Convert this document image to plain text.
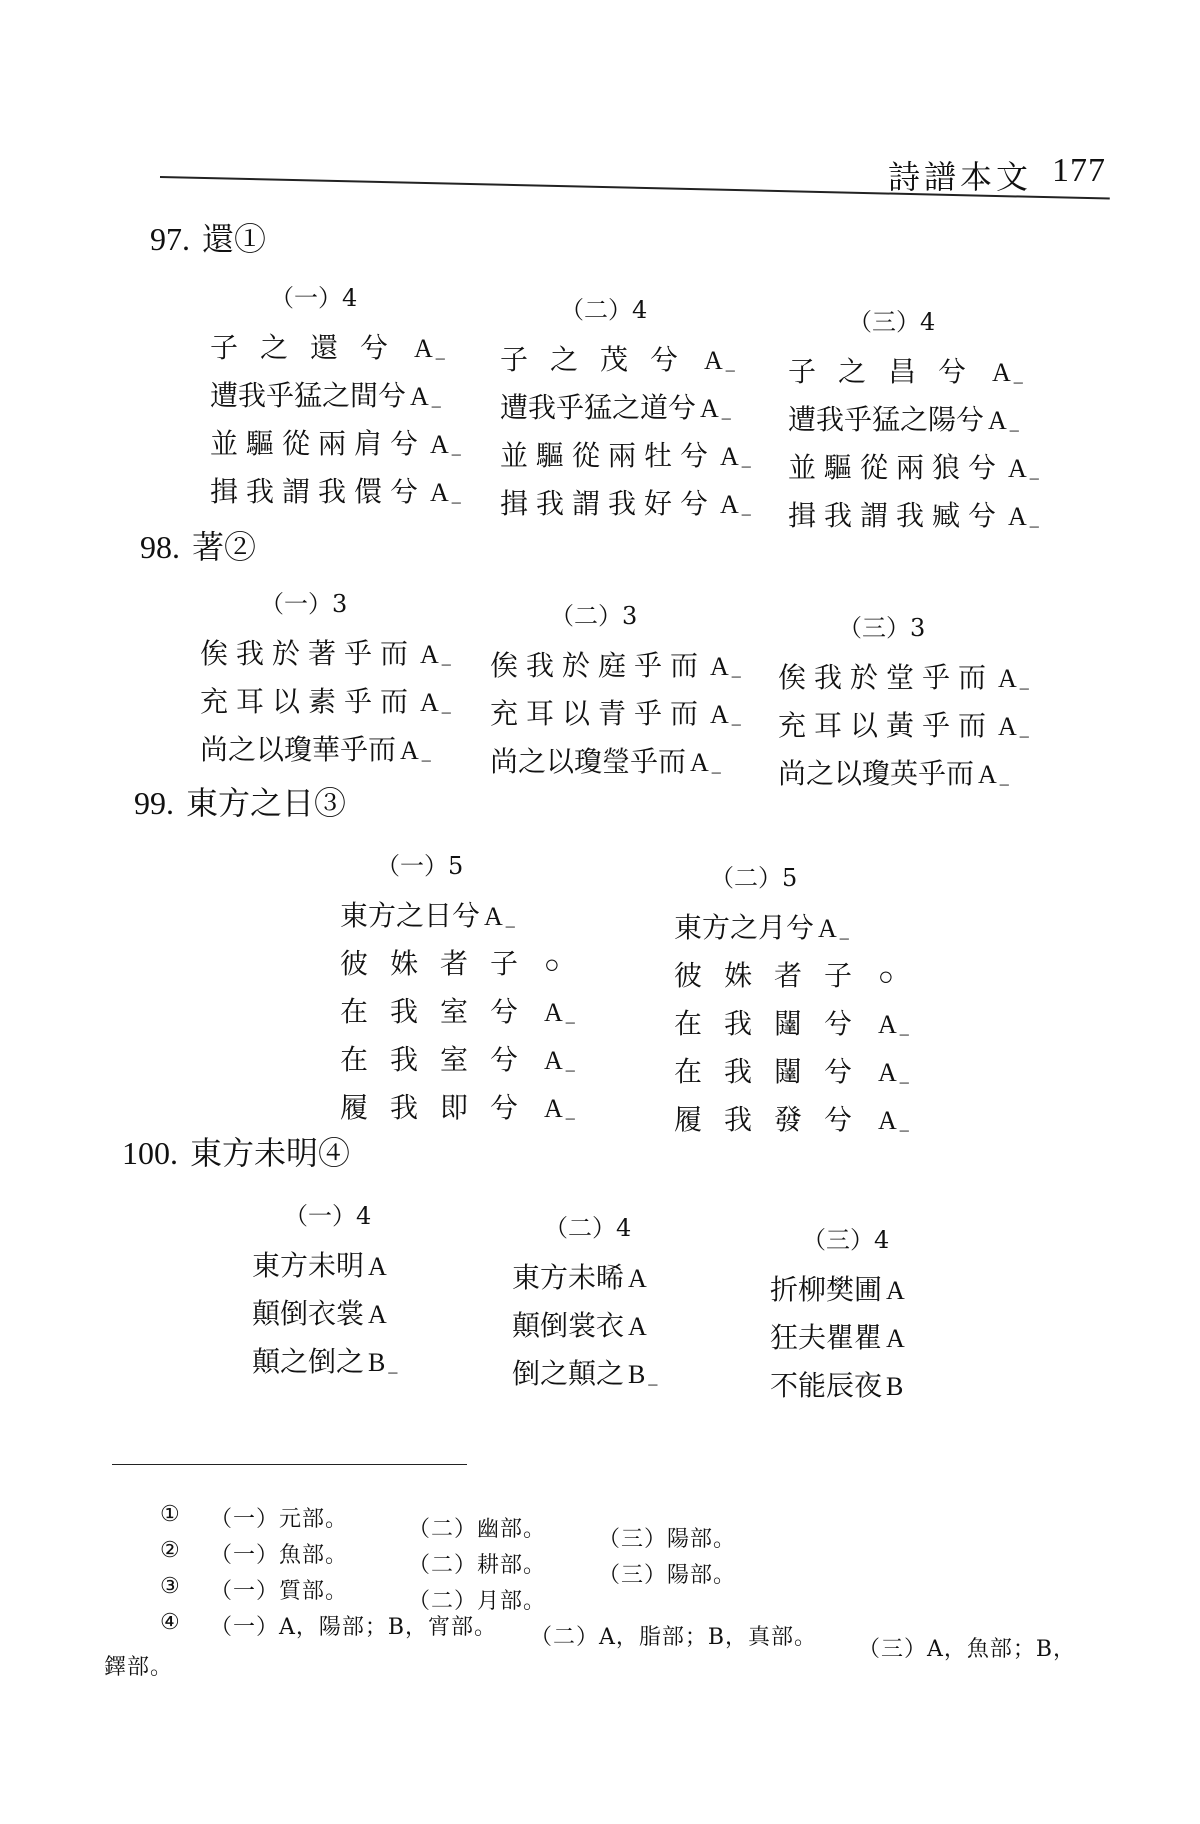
詩譜本文 177
97. 還①
（一）4
子之還兮 A _
遭我乎猛之間兮 A _
並驅從兩肩兮 A _
揖我謂我儇兮 A _
（二）4
子之茂兮 A _
遭我乎猛之道兮 A _
並驅從兩牡兮 A _
揖我謂我好兮 A _
（三）4
子之昌兮 A _
遭我乎猛之陽兮 A _
並驅從兩狼兮 A _
揖我謂我臧兮 A _
98. 著②
（一）3
俟我於著乎而 A _
充耳以素乎而 A _
尚之以瓊華乎而 A _
（二）3
俟我於庭乎而 A _
充耳以青乎而 A _
尚之以瓊瑩乎而 A _
（三）3
俟我於堂乎而 A _
充耳以黃乎而 A _
尚之以瓊英乎而 A _
99. 東方之日③
（一）5
東方之日兮 A _
彼姝者子 ○
在我室兮 A _
在我室兮 A _
履我即兮 A _
（二）5
東方之月兮 A _
彼姝者子 ○
在我闥兮 A _
在我闥兮 A _
履我發兮 A _
100. 東方未明④
（一）4
東方未明 A
顛倒衣裳 A
顛之倒之 B _
（二）4
東方未晞 A
顛倒裳衣 A
倒之顛之 B _
（三）4
折柳樊圃 A
狂夫瞿瞿 A
不能辰夜 B
① （一）元部。	（二）幽部。 （三）陽部。
② （一）魚部。	（二）耕部。 （三）陽部。
③ （一）質部。	（二）月部。
④ （一）A，陽部；B，宵部。 （二）A，脂部；B，真部。 （三）A，魚部；B，
鐸部。
